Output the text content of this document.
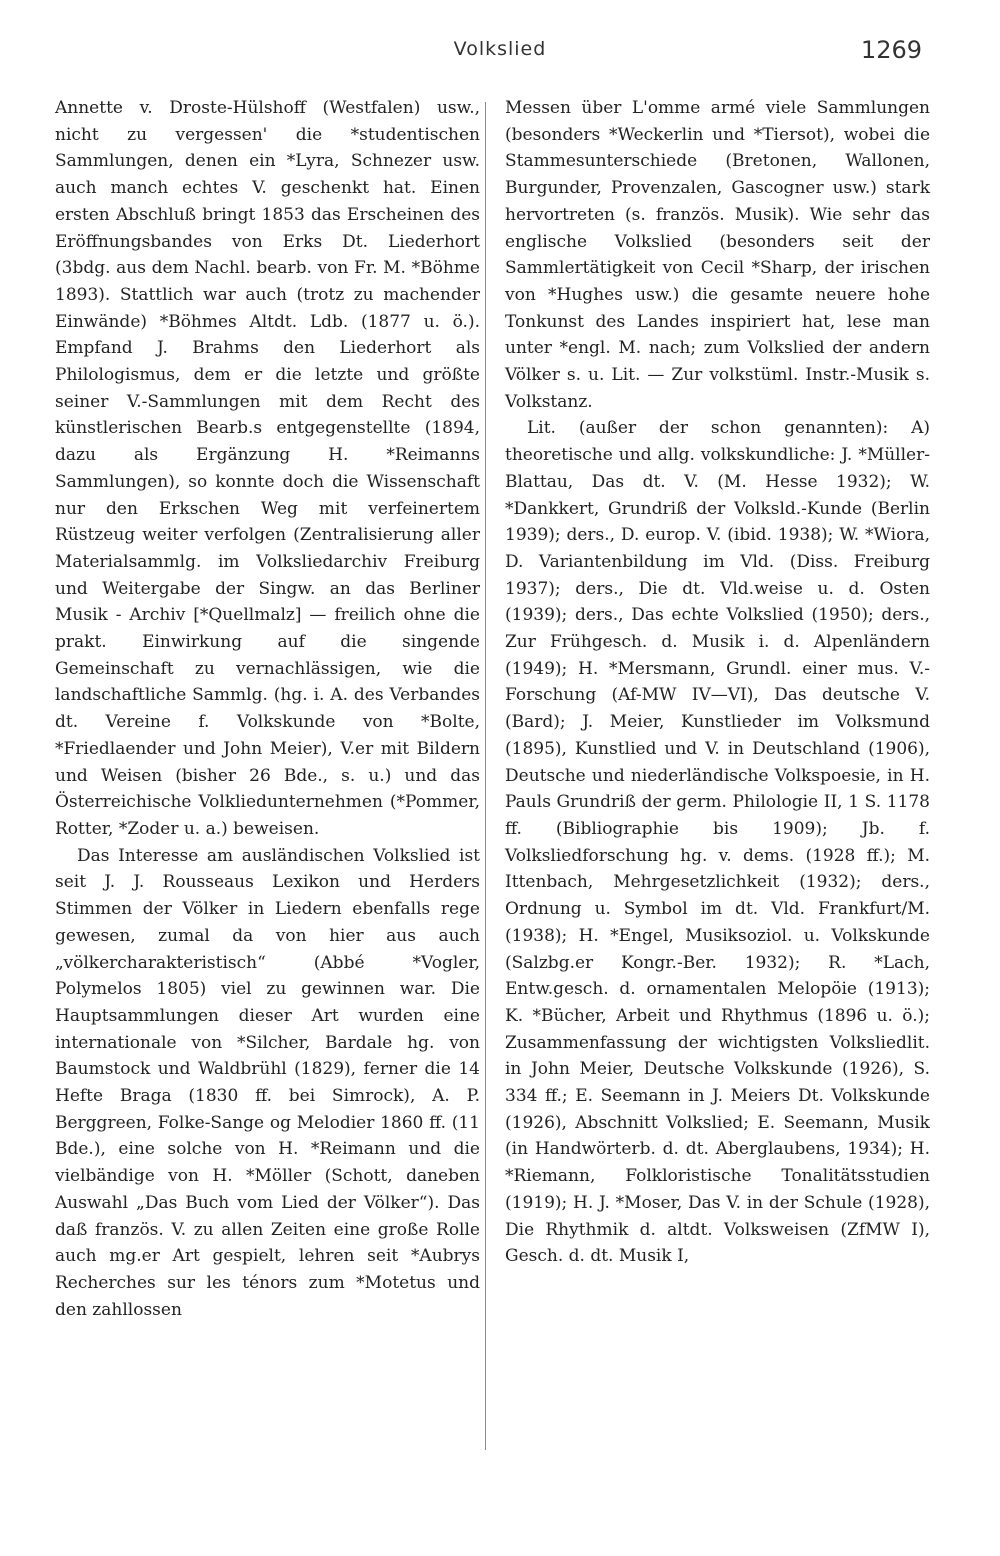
Volkslied	1269

Annette v. Droste-Hülshoff (Westfalen) usw., nicht zu vergessen' die *studentischen Sammlungen, denen ein *Lyra, Schnezer usw. auch manch echtes V. geschenkt hat. Einen ersten Abschluß bringt 1853 das Erscheinen des Eröffnungsbandes von Erks Dt. Liederhort (3bdg. aus dem Nachl. bearb. von Fr. M. *Böhme 1893). Stattlich war auch (trotz zu machender Einwände) *Böhmes Altdt. Ldb. (1877 u. ö.). Empfand J. Brahms den Liederhort als Philologismus, dem er die letzte und größte seiner V.-Sammlungen mit dem Recht des künstlerischen Bearb.s entgegenstellte (1894, dazu als Ergänzung H. *Reimanns Sammlungen), so konnte doch die Wissenschaft nur den Erkschen Weg mit verfeinertem Rüstzeug weiter verfolgen (Zentralisierung aller Materialsammlg. im Volksliedarchiv Freiburg und Weitergabe der Singw. an das Berliner Musik - Archiv [*Quellmalz] — freilich ohne die prakt. Einwirkung auf die singende Gemeinschaft zu vernachlässigen, wie die landschaftliche Sammlg. (hg. i. A. des Verbandes dt. Vereine f. Volkskunde von *Bolte, *Friedlaender und John Meier), V.er mit Bildern und Weisen (bisher 26 Bde., s. u.) und das Österreichische Volkliedunternehmen (*Pommer, Rotter, *Zoder u. a.) beweisen.

Das Interesse am ausländischen Volkslied ist seit J. J. Rousseaus Lexikon und Herders Stimmen der Völker in Liedern ebenfalls rege gewesen, zumal da von hier aus auch „völkercharakteristisch“ (Abbé *Vogler, Polymelos 1805) viel zu gewinnen war. Die Hauptsammlungen dieser Art wurden eine internationale von *Silcher, Bardale hg. von Baumstock und Waldbrühl (1829), ferner die 14 Hefte Braga (1830 ff. bei Simrock), A. P. Berggreen, Folke-Sange og Melodier 1860 ff. (11 Bde.), eine solche von H. *Reimann und die vielbändige von H. *Möller (Schott, daneben Auswahl „Das Buch vom Lied der Völker“). Das daß französ. V. zu allen Zeiten eine große Rolle auch mg.er Art gespielt, lehren seit *Aubrys Recherches sur les ténors zum *Motetus und den zahllossen

Messen über L'omme armé viele Sammlungen (besonders *Weckerlin und *Tiersot), wobei die Stammesunterschiede (Bretonen, Wallonen, Burgunder, Provenzalen, Gascogner usw.) stark hervortreten (s. französ. Musik). Wie sehr das englische Volkslied (besonders seit der Sammlertätigkeit von Cecil *Sharp, der irischen von *Hughes usw.) die gesamte neuere hohe Tonkunst des Landes inspiriert hat, lese man unter *engl. M. nach; zum Volkslied der andern Völker s. u. Lit. — Zur volkstüml. Instr.-Musik s. Volkstanz.

Lit. (außer der schon genannten): A) theoretische und allg. volkskundliche: J. *Müller-Blattau, Das dt. V. (M. Hesse 1932); W. *Dankkert, Grundriß der Volksld.-Kunde (Berlin 1939); ders., D. europ. V. (ibid. 1938); W. *Wiora, D. Variantenbildung im Vld. (Diss. Freiburg 1937); ders., Die dt. Vld.weise u. d. Osten (1939); ders., Das echte Volkslied (1950); ders., Zur Frühgesch. d. Musik i. d. Alpenländern (1949); H. *Mersmann, Grundl. einer mus. V.-Forschung (Af-MW IV—VI), Das deutsche V. (Bard); J. Meier, Kunstlieder im Volksmund (1895), Kunstlied und V. in Deutschland (1906), Deutsche und niederländische Volkspoesie, in H. Pauls Grundriß der germ. Philologie II, 1 S. 1178 ff. (Bibliographie bis 1909); Jb. f. Volksliedforschung hg. v. dems. (1928 ff.); M. Ittenbach, Mehrgesetzlichkeit (1932); ders., Ordnung u. Symbol im dt. Vld. Frankfurt/M. (1938); H. *Engel, Musiksoziol. u. Volkskunde (Salzbg.er Kongr.-Ber. 1932); R. *Lach, Entw.gesch. d. ornamentalen Melopöie (1913); K. *Bücher, Arbeit und Rhythmus (1896 u. ö.); Zusammenfassung der wichtigsten Volksliedlit. in John Meier, Deutsche Volkskunde (1926), S. 334 ff.; E. Seemann in J. Meiers Dt. Volkskunde (1926), Abschnitt Volkslied; E. Seemann, Musik (in Handwörterb. d. dt. Aberglaubens, 1934); H. *Riemann, Folkloristische Tonalitätsstudien (1919); H. J. *Moser, Das V. in der Schule (1928), Die Rhythmik d. altdt. Volksweisen (ZfMW I), Gesch. d. dt. Musik I,
